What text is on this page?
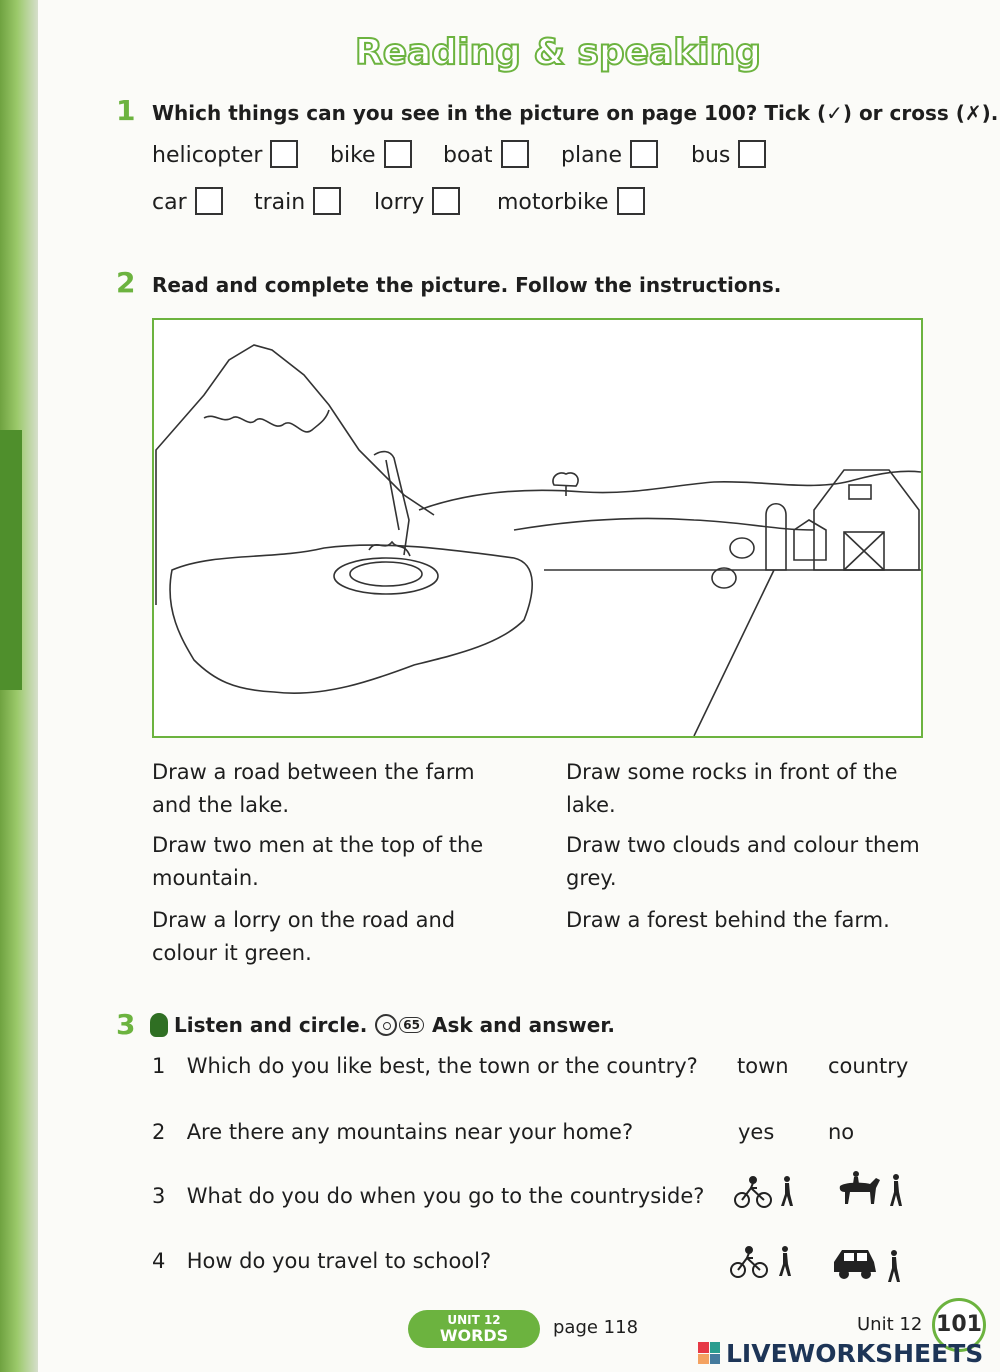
Reading & speaking
1 Which things can you see in the picture on page 100? Tick (✓) or cross (✗).
helicopter	bike	boat	plane	bus
car	train	lorry	motorbike
2 Read and complete the picture. Follow the instructions.
Draw a road between the farm and the lake.
Draw two men at the top of the mountain.
Draw a lorry on the road and colour it green.
Draw some rocks in front of the lake.
Draw two clouds and colour them grey.
Draw a forest behind the farm.
3 Listen and circle.	65 Ask and answer.
1 Which do you like best, the town or the country? town country
2 Are there any mountains near your home?	yes	no
3 What do you do when you go to the countryside?
4 How do you travel to school?
UNIT 12
WORDS	page 118	Unit 12 101
LIVEWORKSHEETS
